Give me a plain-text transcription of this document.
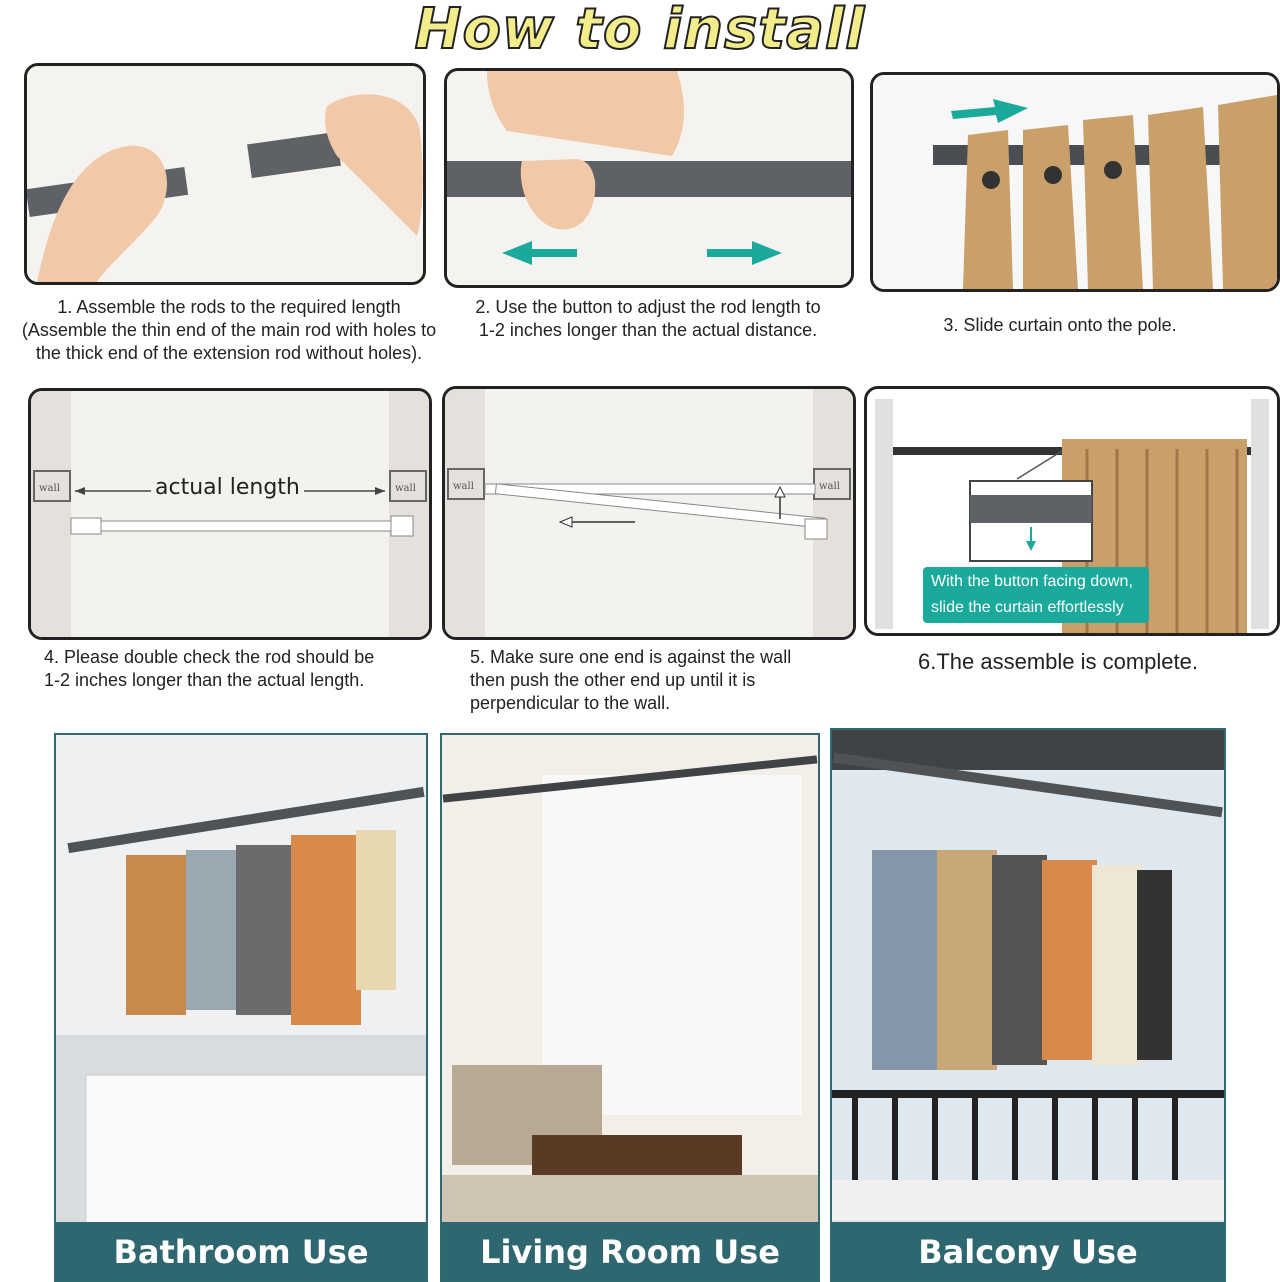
How to install
1. Assemble the rods to the required length
(Assemble the thin end of the main rod with holes to
the thick end of the extension rod without holes).
2. Use the button to adjust the rod length to
1-2 inches longer than the actual distance.	3. Slide curtain onto the pole.
wall	wall
actual length
4. Please double check the rod should be
1-2 inches longer than the actual length.
wall	wall
5. Make sure one end is against the wall
then push the other end up until it is
perpendicular to the wall.
With the button facing down,
slide the curtain effortlessly
6.The assemble is complete.
Bathroom Use	Living Room Use	Balcony Use
